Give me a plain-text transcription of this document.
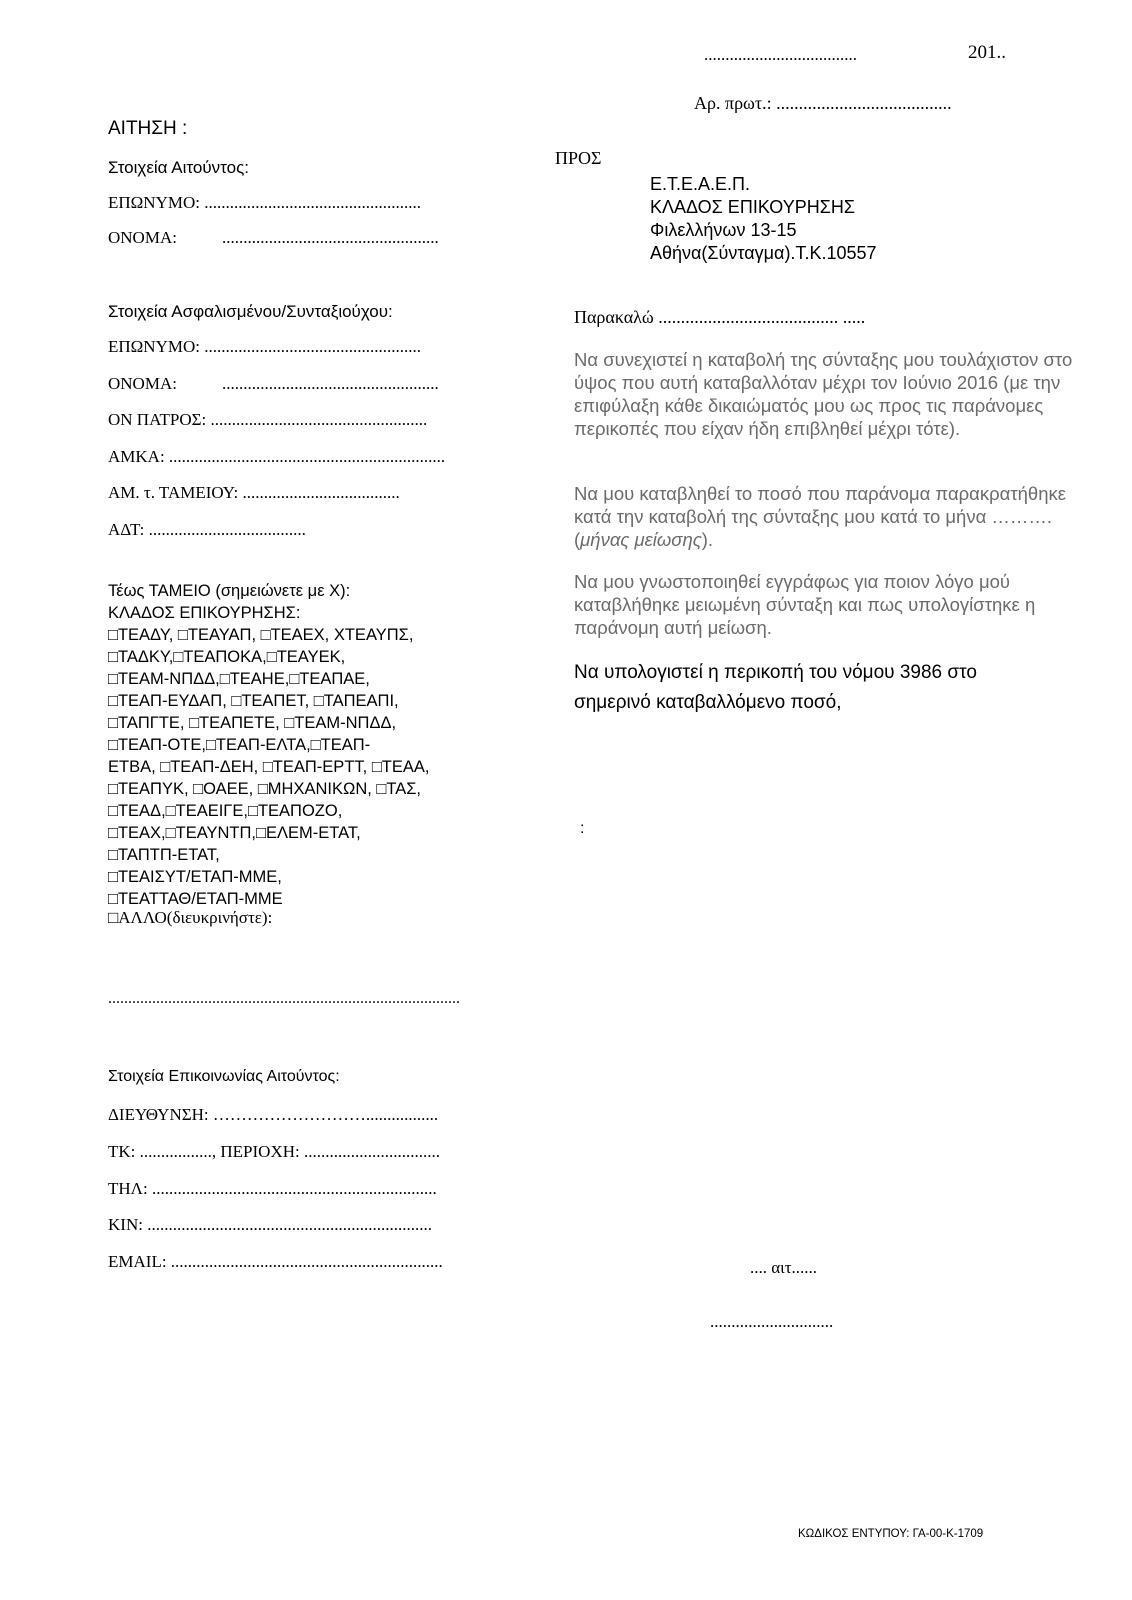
....................................	201..
Αρ. πρωτ.: .......................................
ΑΙΤΗΣΗ :
Στοιχεία Αιτούντος:
ΕΠΩΝΥΜΟ: ...................................................
ΟΝΟΜΑ:	...................................................
ΠΡΟΣ
Ε.Τ.Ε.Α.Ε.Π.
ΚΛΑΔΟΣ ΕΠΙΚΟΥΡΗΣΗΣ
Φιλελλήνων 13-15
Αθήνα(Σύνταγμα).Τ.Κ.10557
Στοιχεία Ασφαλισμένου/Συνταξιούχου:
ΕΠΩΝΥΜΟ: ...................................................
ΟΝΟΜΑ:	...................................................
ΟΝ ΠΑΤΡΟΣ: ...................................................
ΑΜΚΑ: .................................................................
ΑΜ. τ. ΤΑΜΕΙΟΥ: .....................................
ΑΔΤ: .....................................
Παρακαλώ ........................................ .....
Να συνεχιστεί η καταβολή της σύνταξης μου τουλάχιστον στο ύψος που αυτή καταβαλλόταν μέχρι τον Ιούνιο 2016 (με την επιφύλαξη κάθε δικαιώματός μου ως προς τις παράνομες περικοπές που είχαν ήδη επιβληθεί μέχρι τότε).
Να μου καταβληθεί το ποσό που παράνομα παρακρατήθηκε κατά την καταβολή της σύνταξης μου κατά το μήνα ………. (μήνας μείωσης).
Να μου γνωστοποιηθεί εγγράφως για ποιον λόγο μού καταβλήθηκε μειωμένη σύνταξη και πως υπολογίστηκε η παράνομη αυτή μείωση.
Να υπολογιστεί η περικοπή του νόμου 3986 στο
σημερινό καταβαλλόμενο ποσό,
:
Τέως ΤΑΜΕΙΟ (σημειώνετε με Χ):
ΚΛΑΔΟΣ ΕΠΙΚΟΥΡΗΣΗΣ:
□ΤΕΑΔΥ, □ΤΕΑΥΑΠ, □ΤΕΑΕΧ, ΧΤΕΑΥΠΣ,
□ΤΑΔΚΥ,□ΤΕΑΠΟΚΑ,□ΤΕΑΥΕΚ,
□ΤΕΑΜ-ΝΠΔΔ,□ΤΕΑΗΕ,□ΤΕΑΠΑΕ,
□ΤΕΑΠ-ΕΥΔΑΠ, □ΤΕΑΠΕΤ, □ΤΑΠΕΑΠΙ,
□ΤΑΠΓΤΕ, □ΤΕΑΠΕΤΕ, □ΤΕΑΜ-ΝΠΔΔ,
□ΤΕΑΠ-ΟΤΕ,□ΤΕΑΠ-ΕΛΤΑ,□ΤΕΑΠ-
ΕΤΒΑ, □ΤΕΑΠ-ΔΕΗ, □ΤΕΑΠ-ΕΡΤΤ, □ΤΕΑΑ,
□ΤΕΑΠΥΚ, □ΟΑΕΕ, □ΜΗΧΑΝΙΚΩΝ, □ΤΑΣ,
□ΤΕΑΔ,□ΤΕΑΕΙΓΕ,□ΤΕΑΠΟΖΟ,
□ΤΕΑΧ,□ΤΕΑΥΝΤΠ,□ΕΛΕΜ-ΕΤΑΤ,
□ΤΑΠΤΠ-ΕΤΑΤ,
□ΤΕΑΙΣΥΤ/ΕΤΑΠ-ΜΜΕ,
□ΤΕΑΤΤΑΘ/ΕΤΑΠ-ΜΜΕ
□ΑΛΛΟ(διευκρινήστε):
........................................................................................
Στοιχεία Επικοινωνίας Αιτούντος:
ΔΙΕΥΘΥΝΣΗ: ……………………….................
ΤΚ: ................., ΠΕΡΙΟΧΗ: ................................
ΤΗΛ: ...................................................................
ΚΙΝ: ...................................................................
EMAIL: ................................................................	.... αιτ......
.............................
ΚΩΔΙΚΟΣ ΕΝΤΥΠΟΥ: ΓΑ-00-Κ-1709
